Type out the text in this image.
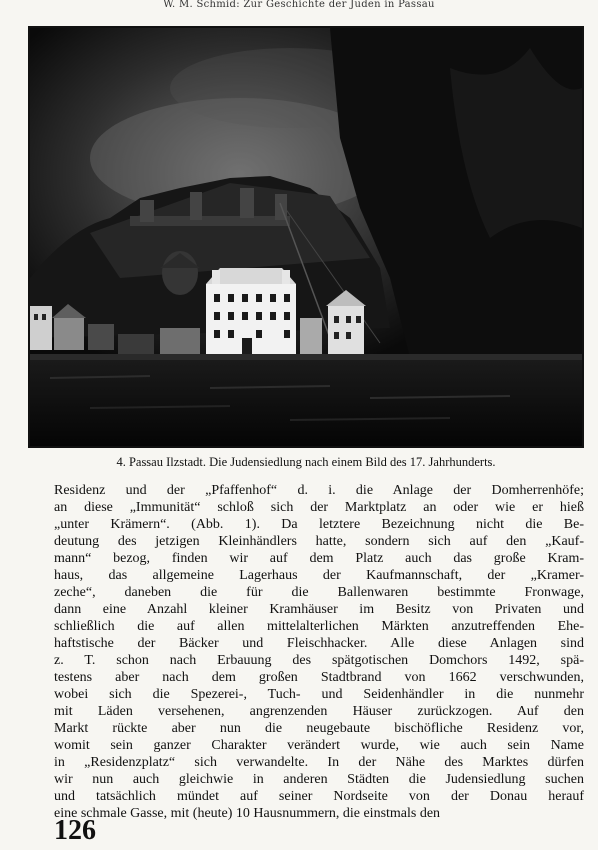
W. M. Schmid: Zur Geschichte der Juden in Passau
4. Passau Ilzstadt. Die Judensiedlung nach einem Bild des 17. Jahrhunderts.
Residenz und der „Pfaffenhof“ d. i. die Anlage der Domherrenhöfe;
an diese „Immunität“ schloß sich der Marktplatz an oder wie er hieß
„unter Krämern“. (Abb. 1). Da letztere Bezeichnung nicht die Be-
deutung des jetzigen Kleinhändlers hatte, sondern sich auf den „Kauf-
mann“ bezog, finden wir auf dem Platz auch das große Kram-
haus, das allgemeine Lagerhaus der Kaufmannschaft, der „Kramer-
zeche“, daneben die für die Ballenwaren bestimmte Fronwage,
dann eine Anzahl kleiner Kramhäuser im Besitz von Privaten und
schließlich die auf allen mittelalterlichen Märkten anzutreffenden Ehe-
haftstische der Bäcker und Fleischhacker. Alle diese Anlagen sind
z. T. schon nach Erbauung des spätgotischen Domchors 1492, spä-
testens aber nach dem großen Stadtbrand von 1662 verschwunden,
wobei sich die Spezerei-, Tuch- und Seidenhändler in die nunmehr
mit Läden versehenen, angrenzenden Häuser zurückzogen. Auf den
Markt rückte aber nun die neugebaute bischöfliche Residenz vor,
womit sein ganzer Charakter verändert wurde, wie auch sein Name
in „Residenzplatz“ sich verwandelte. In der Nähe des Marktes dürfen
wir nun auch gleichwie in anderen Städten die Judensiedlung suchen
und tatsächlich mündet auf seiner Nordseite von der Donau herauf
eine schmale Gasse, mit (heute) 10 Hausnummern, die einstmals den
126
